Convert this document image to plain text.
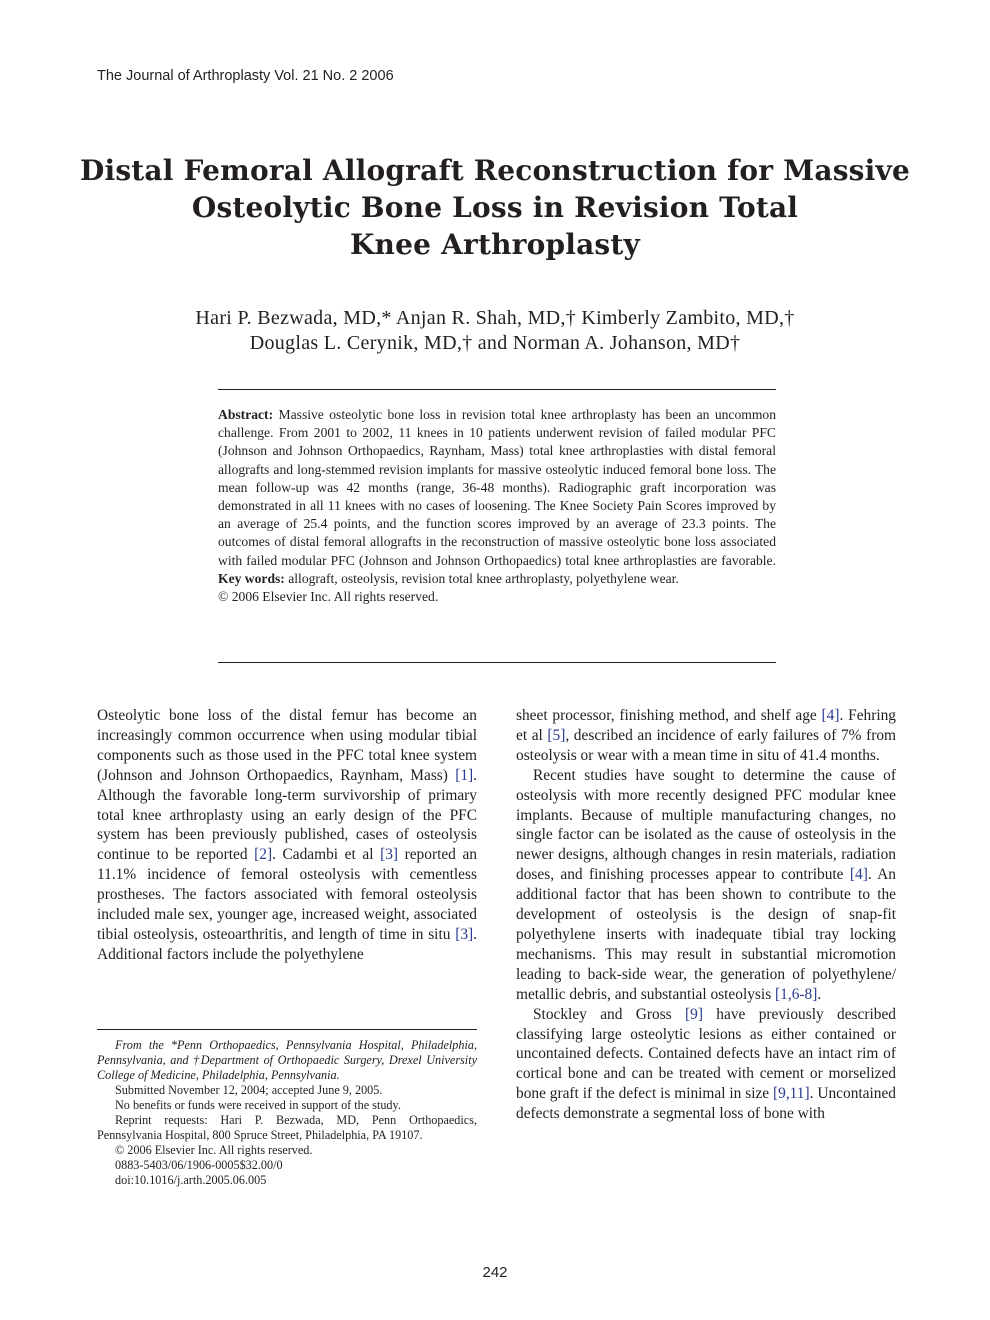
The Journal of Arthroplasty Vol. 21 No. 2 2006
Distal Femoral Allograft Reconstruction for Massive
Osteolytic Bone Loss in Revision Total
Knee Arthroplasty
Hari P. Bezwada, MD,* Anjan R. Shah, MD,† Kimberly Zambito, MD,†
Douglas L. Cerynik, MD,† and Norman A. Johanson, MD†
Abstract: Massive osteolytic bone loss in revision total knee arthroplasty has been an uncommon challenge. From 2001 to 2002, 11 knees in 10 patients underwent revision of failed modular PFC (Johnson and Johnson Orthopaedics, Raynham, Mass) total knee arthroplasties with distal femoral allografts and long-stemmed revision implants for massive osteolytic induced femoral bone loss. The mean follow-up was 42 months (range, 36-48 months). Radiographic graft incorporation was demonstrated in all 11 knees with no cases of loosening. The Knee Society Pain Scores improved by an average of 25.4 points, and the function scores improved by an average of 23.3 points. The outcomes of distal femoral allografts in the reconstruction of massive osteolytic bone loss associated with failed modular PFC (Johnson and Johnson Orthopaedics) total knee arthroplasties are favorable. Key words: allograft, osteolysis, revision total knee arthroplasty, polyethylene wear.
© 2006 Elsevier Inc. All rights reserved.

Osteolytic bone loss of the distal femur has become an increasingly common occurrence when using modular tibial components such as those used in the PFC total knee system (Johnson and Johnson Orthopaedics, Raynham, Mass) [1]. Although the favorable long-term survivorship of primary total knee arthroplasty using an early design of the PFC system has been previously published, cases of osteolysis continue to be reported [2]. Cadambi et al [3] reported an 11.1% incidence of femoral osteolysis with cementless prostheses. The factors associated with femoral osteolysis included male sex, younger age, increased weight, associated tibial osteolysis, osteoarthritis, and length of time in situ [3]. Additional factors include the polyethylene

sheet processor, finishing method, and shelf age [4]. Fehring et al [5], described an incidence of early failures of 7% from osteolysis or wear with a mean time in situ of 41.4 months.

Recent studies have sought to determine the cause of osteolysis with more recently designed PFC modular knee implants. Because of multiple manufacturing changes, no single factor can be isolated as the cause of osteolysis in the newer designs, although changes in resin materials, radiation doses, and finishing processes appear to contribute [4]. An additional factor that has been shown to contribute to the development of osteolysis is the design of snap-fit polyethylene inserts with inadequate tibial tray locking mechanisms. This may result in substantial micromotion leading to back-side wear, the generation of polyethylene/ metallic debris, and substantial osteolysis [1,6-8].

Stockley and Gross [9] have previously described classifying large osteolytic lesions as either contained or uncontained defects. Contained defects have an intact rim of cortical bone and can be treated with cement or morselized bone graft if the defect is minimal in size [9,11]. Uncontained defects demonstrate a segmental loss of bone with

From the *Penn Orthopaedics, Pennsylvania Hospital, Philadelphia, Pennsylvania, and †Department of Orthopaedic Surgery, Drexel University College of Medicine, Philadelphia, Pennsylvania.

Submitted November 12, 2004; accepted June 9, 2005.

No benefits or funds were received in support of the study.

Reprint requests: Hari P. Bezwada, MD, Penn Orthopaedics, Pennsylvania Hospital, 800 Spruce Street, Philadelphia, PA 19107.

© 2006 Elsevier Inc. All rights reserved.

0883-5403/06/1906-0005$32.00/0

doi:10.1016/j.arth.2005.06.005

242
